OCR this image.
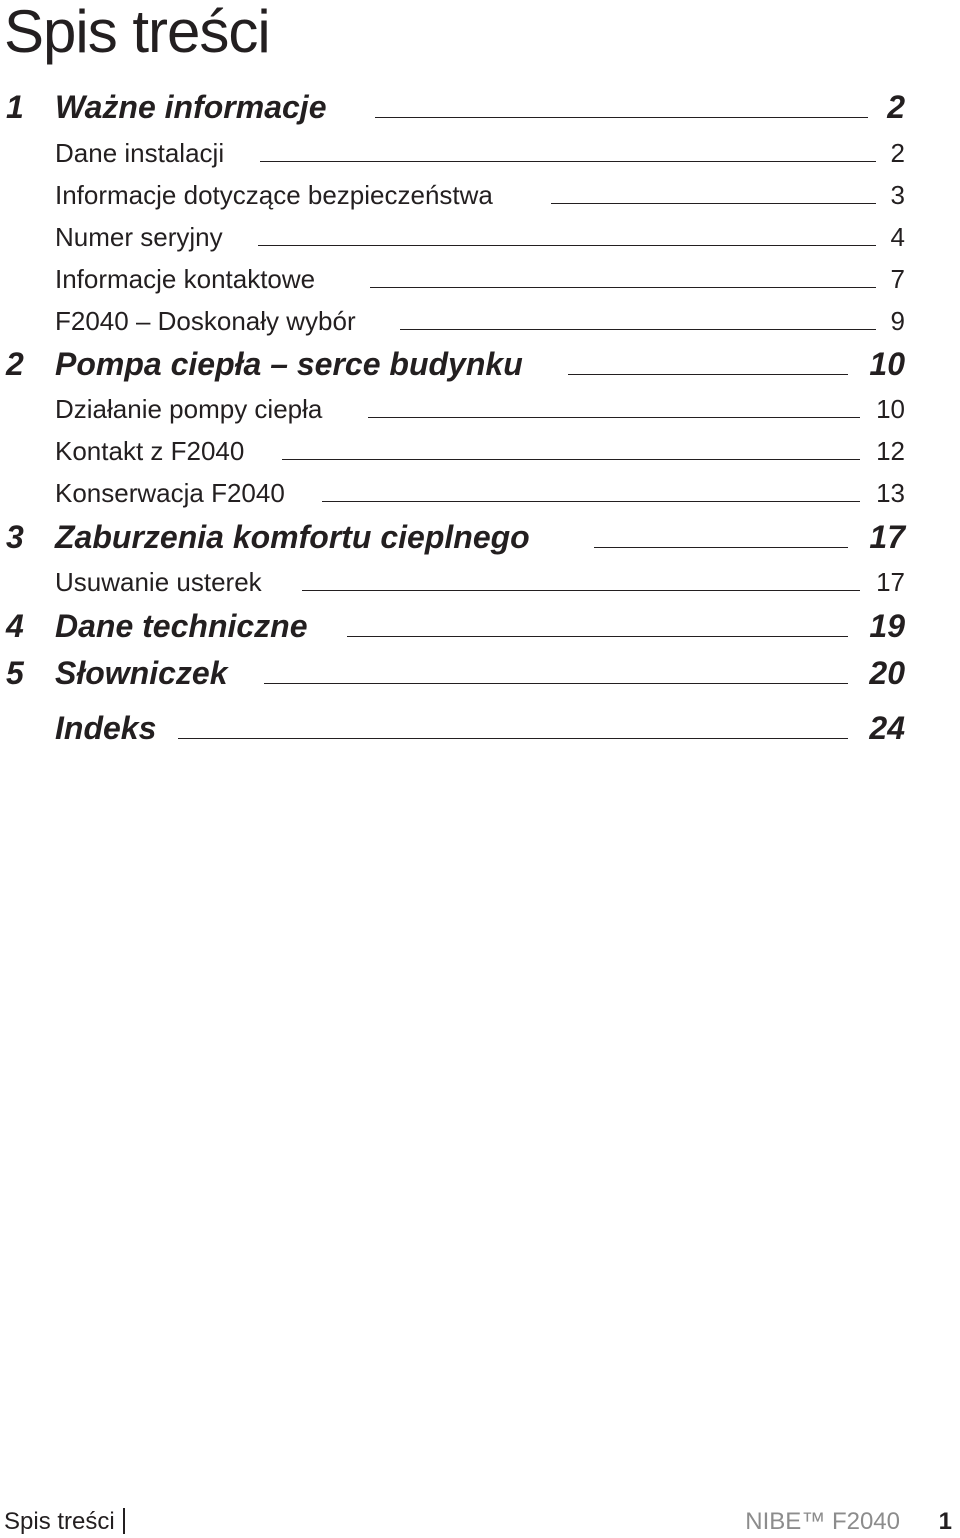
Spis treści
1 Ważne informacje	2
Dane instalacji	2
Informacje dotyczące bezpieczeństwa	3
Numer seryjny	4
Informacje kontaktowe	7
F2040 – Doskonały wybór	9
2 Pompa ciepła – serce budynku	10
Działanie pompy ciepła	10
Kontakt z F2040	12
Konserwacja F2040	13
3 Zaburzenia komfortu cieplnego	17
Usuwanie usterek	17
4 Dane techniczne	19
5 Słowniczek	20
Indeks	24
Spis treści	NIBE™ F2040 1
